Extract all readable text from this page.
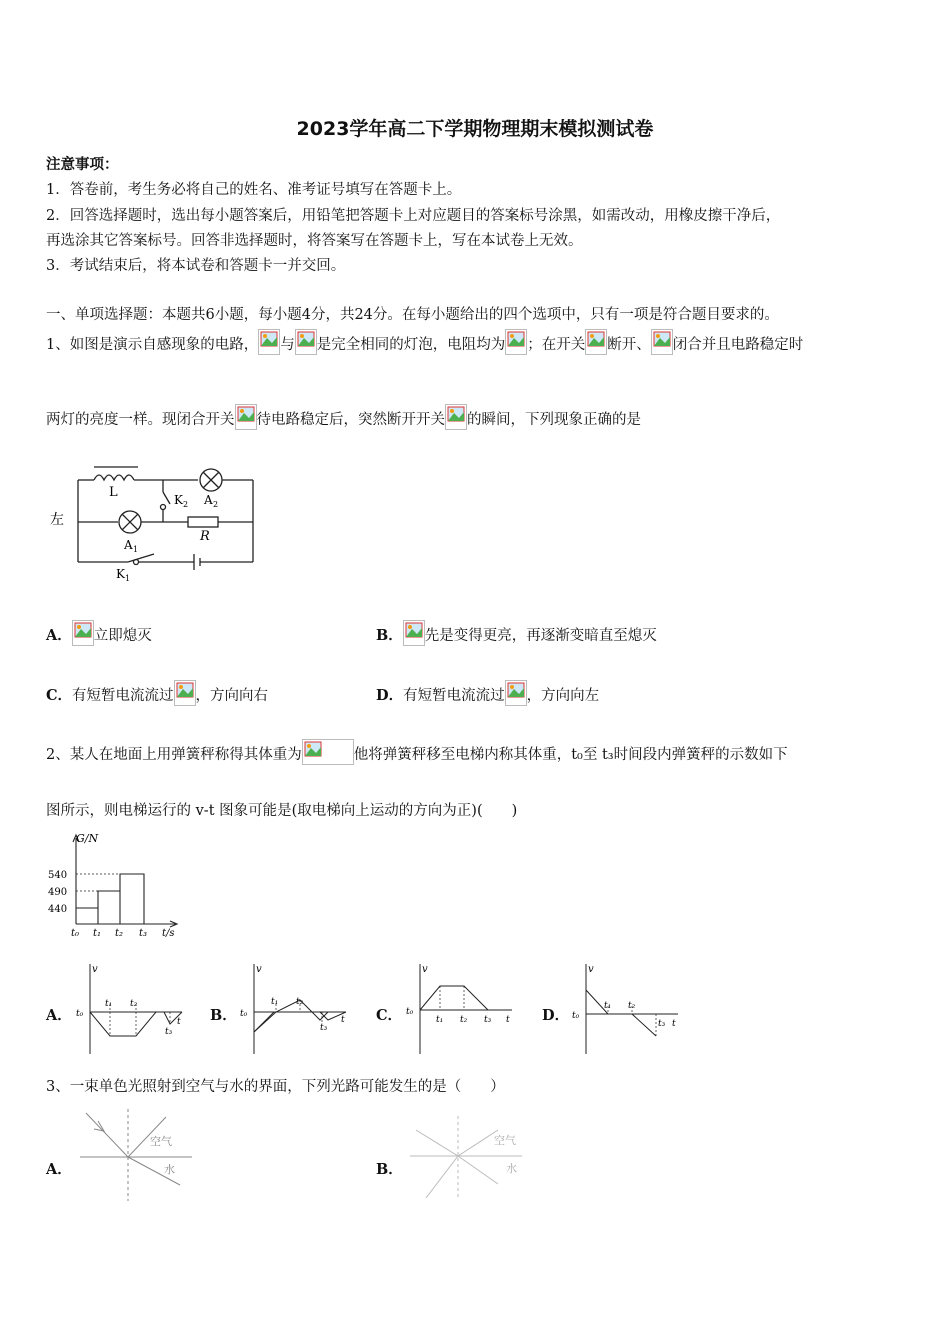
2023学年高二下学期物理期末模拟测试卷
注意事项：
1．答卷前，考生务必将自己的姓名、准考证号填写在答题卡上。
2．回答选择题时，选出每小题答案后，用铅笔把答题卡上对应题目的答案标号涂黑，如需改动，用橡皮擦干净后，
再选涂其它答案标号。回答非选择题时，将答案写在答题卡上，写在本试卷上无效。
3．考试结束后，将本试卷和答题卡一并交回。
一、单项选择题：本题共6小题，每小题4分，共24分。在每小题给出的四个选项中，只有一项是符合题目要求的。
1、如图是演示自感现象的电路， 与 是完全相同的灯泡，电阻均为 ；在开关 断开、 闭合并且电路稳定时
两灯的亮度一样。现闭合开关 待电路稳定后，突然断开开关 的瞬间，下列现象正确的是
左
L	K 2 A 2
A 1
R
K 1
A． 立即熄灭	B． 先是变得更亮，再逐渐变暗直至熄灭
C．有短暂电流流过 ，方向向右	D．有短暂电流流过 ，方向向左
2、某人在地面上用弹簧秤称得其体重为	他将弹簧秤移至电梯内称其体重，t₀至 t₃时间段内弹簧秤的示数如下
图所示，则电梯运行的 v-t 图象可能是(取电梯向上运动的方向为正)(　　)
G/N
540
490
440
t₀ t₁ t₂ t₃ t/s
A．
v
t₀
t₁ t₂
t₃
t B．
v
t₀
t₁ t₂
t₃
t C．
v
t₀
t₁ t₂ t₃ t D．
v
t₀
t₁ t₂
t₃ t
3、一束单色光照射到空气与水的界面，下列光路可能发生的是（　　）
A．
空气
水	B．
空气
水
